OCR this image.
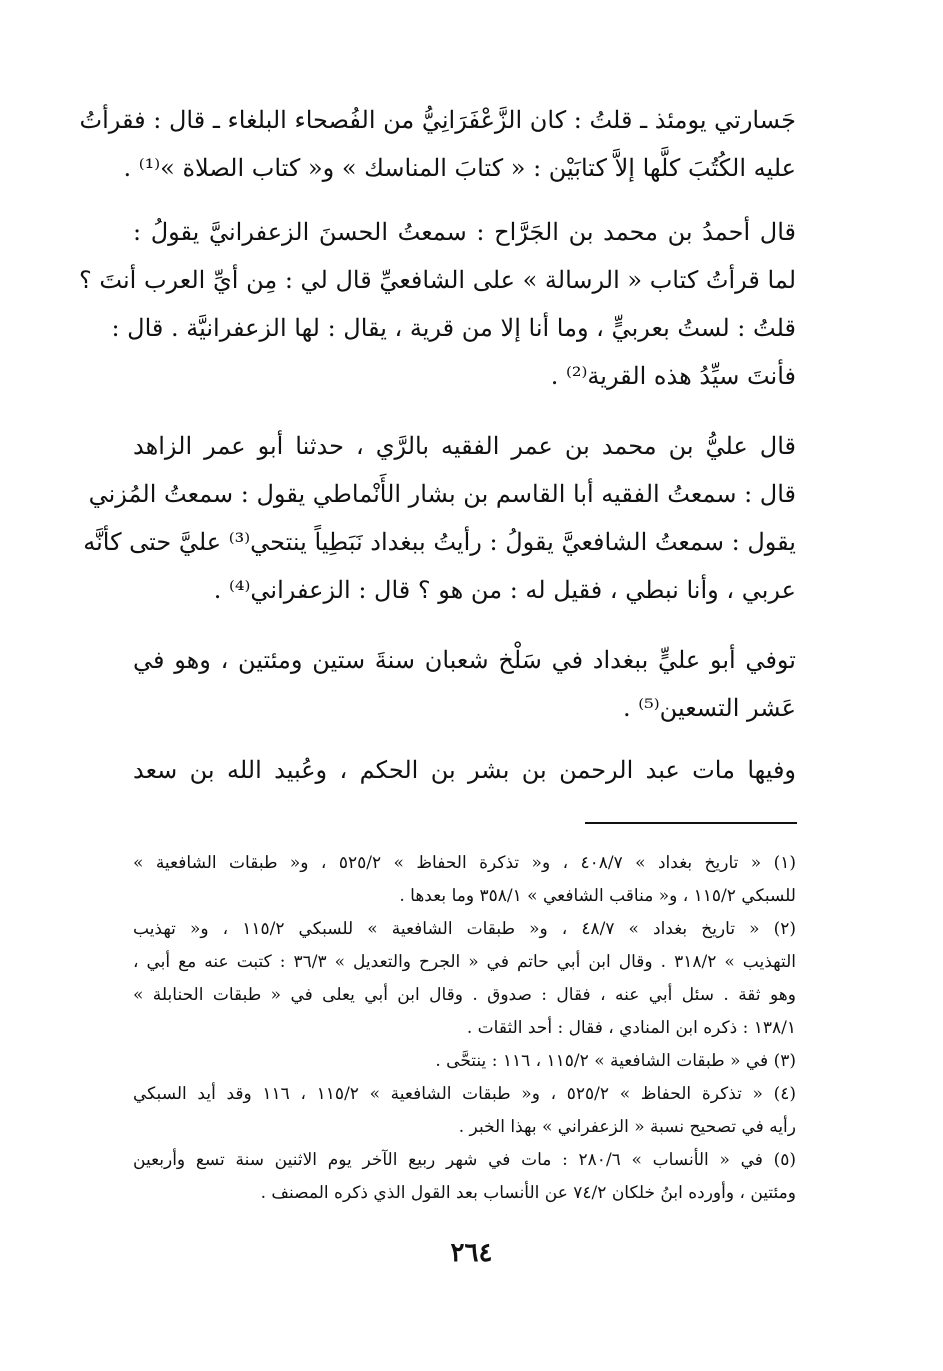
جَسارتي يومئذ ـ قلتُ : كان الزَّعْفَرَانِيُّ من الفُصحاء البلغاء ـ قال : فقرأتُ
عليه الكُتُبَ كلَّها إلاَّ كتابَيْن : « كتابَ المناسك » و« كتاب الصلاة »⁽¹⁾ .
قال أحمدُ بن محمد بن الجَرَّاح : سمعتُ الحسنَ الزعفرانيَّ يقولُ :
لما قرأتُ كتاب « الرسالة » على الشافعيِّ قال لي : مِن أيِّ العرب أنتَ ؟
قلتُ : لستُ بعربيٍّ ، وما أنا إلا من قرية ، يقال : لها الزعفرانيَّة . قال :
فأنتَ سيِّدُ هذه القرية⁽²⁾ .
قال عليُّ بن محمد بن عمر الفقيه بالرَّي ، حدثنا أبو عمر الزاهد
قال : سمعتُ الفقيه أبا القاسم بن بشار الأَنْماطي يقول : سمعتُ المُزني
يقول : سمعتُ الشافعيَّ يقولُ : رأيتُ ببغداد نَبَطِياً ينتحي⁽³⁾ عليَّ حتى كأنَّه
عربي ، وأنا نبطي ، فقيل له : من هو ؟ قال : الزعفراني⁽⁴⁾ .
توفي أبو عليٍّ ببغداد في سَلْخ شعبان سنةَ ستين ومئتين ، وهو في
عَشر التسعين⁽⁵⁾ .
وفيها مات عبد الرحمن بن بشر بن الحكم ، وعُبيد الله بن سعد
(١) « تاريخ بغداد » ٤٠٨/٧ ، و« تذكرة الحفاظ » ٥٢٥/٢ ، و« طبقات الشافعية »
للسبكي ١١٥/٢ ، و« مناقب الشافعي » ٣٥٨/١ وما بعدها .
(٢) « تاريخ بغداد » ٤٨/٧ ، و« طبقات الشافعية » للسبكي ١١٥/٢ ، و« تهذيب
التهذيب » ٣١٨/٢ . وقال ابن أبي حاتم في « الجرح والتعديل » ٣٦/٣ : كتبت عنه مع أبي ،
وهو ثقة . سئل أبي عنه ، فقال : صدوق . وقال ابن أبي يعلى في « طبقات الحنابلة »
١٣٨/١ : ذكره ابن المنادي ، فقال : أحد الثقات .
(٣) في « طبقات الشافعية » ١١٥/٢ ، ١١٦ : ينتحَّى .
(٤) « تذكرة الحفاظ » ٥٢٥/٢ ، و« طبقات الشافعية » ١١٥/٢ ، ١١٦ وقد أيد السبكي
رأيه في تصحيح نسبة « الزعفراني » بهذا الخبر .
(٥) في « الأنساب » ٢٨٠/٦ : مات في شهر ربيع الآخر يوم الاثنين سنة تسع وأربعين
ومئتين ، وأورده ابنُ خلكان ٧٤/٢ عن الأنساب بعد القول الذي ذكره المصنف .
٢٦٤
